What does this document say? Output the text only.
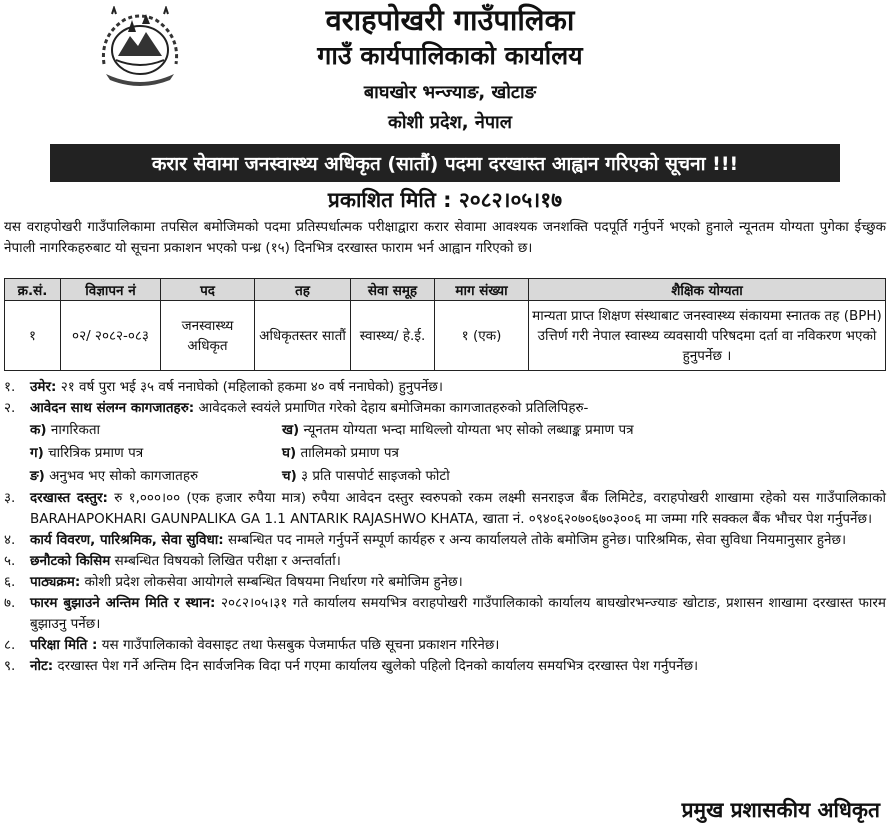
वराहपोखरी गाउँपालिका
गाउँ कार्यपालिकाको कार्यालय
बाघखोर भन्ज्याङ, खोटाङ
कोशी प्रदेश, नेपाल
करार सेवामा जनस्वास्थ्य अधिकृत (सातौं) पदमा दरखास्त आह्वान गरिएको सूचना !!!
प्रकाशित मिति : २०८२।०५।१७
यस वराहपोखरी गाउँपालिकामा तपसिल बमोजिमको पदमा प्रतिस्पर्धात्मक परीक्षाद्वारा करार सेवामा आवश्यक जनशक्ति पदपूर्ति गर्नुपर्ने भएको हुनाले न्यूनतम योग्यता पुगेका ईच्छुक नेपाली नागरिकहरुबाट यो सूचना प्रकाशन भएको पन्ध्र (१५) दिनभित्र दरखास्त फाराम भर्न आह्वान गरिएको छ।
क्र.सं.	विज्ञापन नं	पद	तह	सेवा समूह	माग संख्या	शैक्षिक योग्यता
१	०२/ २०८२-०८३	जनस्वास्थ्य अधिकृत	अधिकृतस्तर सातौं	स्वास्थ्य/ हे.ई.	१ (एक)	मान्यता प्राप्त शिक्षण संस्थाबाट जनस्वास्थ्य संकायमा स्नातक तह (BPH) उत्तिर्ण गरी नेपाल स्वास्थ्य व्यवसायी परिषदमा दर्ता वा नविकरण भएको हुनुपर्नेछ ।
१.	उमेर: २१ वर्ष पुरा भई ३५ वर्ष ननाघेको (महिलाको हकमा ४० वर्ष ननाघेको) हुनुपर्नेछ।
२.	आवेदन साथ संलग्न कागजातहरु: आवेदकले स्वयंले प्रमाणित गरेको देहाय बमोजिमका कागजातहरुको प्रतिलिपिहरु-
क) नागरिकता	ख) न्यूनतम योग्यता भन्दा माथिल्लो योग्यता भए सोको लब्धाङ्क प्रमाण पत्र
ग) चारित्रिक प्रमाण पत्र	घ) तालिमको प्रमाण पत्र
ङ) अनुभव भए सोको कागजातहरु	च) ३ प्रति पासपोर्ट साइजको फोटो
३.	दरखास्त दस्तुर: रु १,०००।०० (एक हजार रुपैया मात्र) रुपैया आवेदन दस्तुर स्वरुपको रकम लक्ष्मी सनराइज बैंक लिमिटेड, वराहपोखरी शाखामा रहेको यस गाउँपालिकाको BARAHAPOKHARI GAUNPALIKA GA 1.1 ANTARIK RAJASHWO KHATA, खाता नं. ०९४०६२०७०६७०३००६ मा जम्मा गरि सक्कल बैंक भौचर पेश गर्नुपर्नेछ।
४.	कार्य विवरण, पारिश्रमिक, सेवा सुविधा: सम्बन्धित पद नामले गर्नुपर्ने सम्पूर्ण कार्यहरु र अन्य कार्यालयले तोके बमोजिम हुनेछ। पारिश्रमिक, सेवा सुविधा नियमानुसार हुनेछ।
५.	छनौटको किसिम सम्बन्धित विषयको लिखित परीक्षा र अन्तर्वार्ता।
६.	पाठ्यक्रम: कोशी प्रदेश लोकसेवा आयोगले सम्बन्धित विषयमा निर्धारण गरे बमोजिम हुनेछ।
७.	फारम बुझाउने अन्तिम मिति र स्थान: २०८२।०५।३१ गते कार्यालय समयभित्र वराहपोखरी गाउँपालिकाको कार्यालय बाघखोरभन्ज्याङ खोटाङ, प्रशासन शाखामा दरखास्त फारम बुझाउनु पर्नेछ।
८.	परिक्षा मिति : यस गाउँपालिकाको वेवसाइट तथा फेसबुक पेजमार्फत पछि सूचना प्रकाशन गरिनेछ।
९.	नोट: दरखास्त पेश गर्ने अन्तिम दिन सार्वजनिक विदा पर्न गएमा कार्यालय खुलेको पहिलो दिनको कार्यालय समयभित्र दरखास्त पेश गर्नुपर्नेछ।
प्रमुख प्रशासकीय अधिकृत
